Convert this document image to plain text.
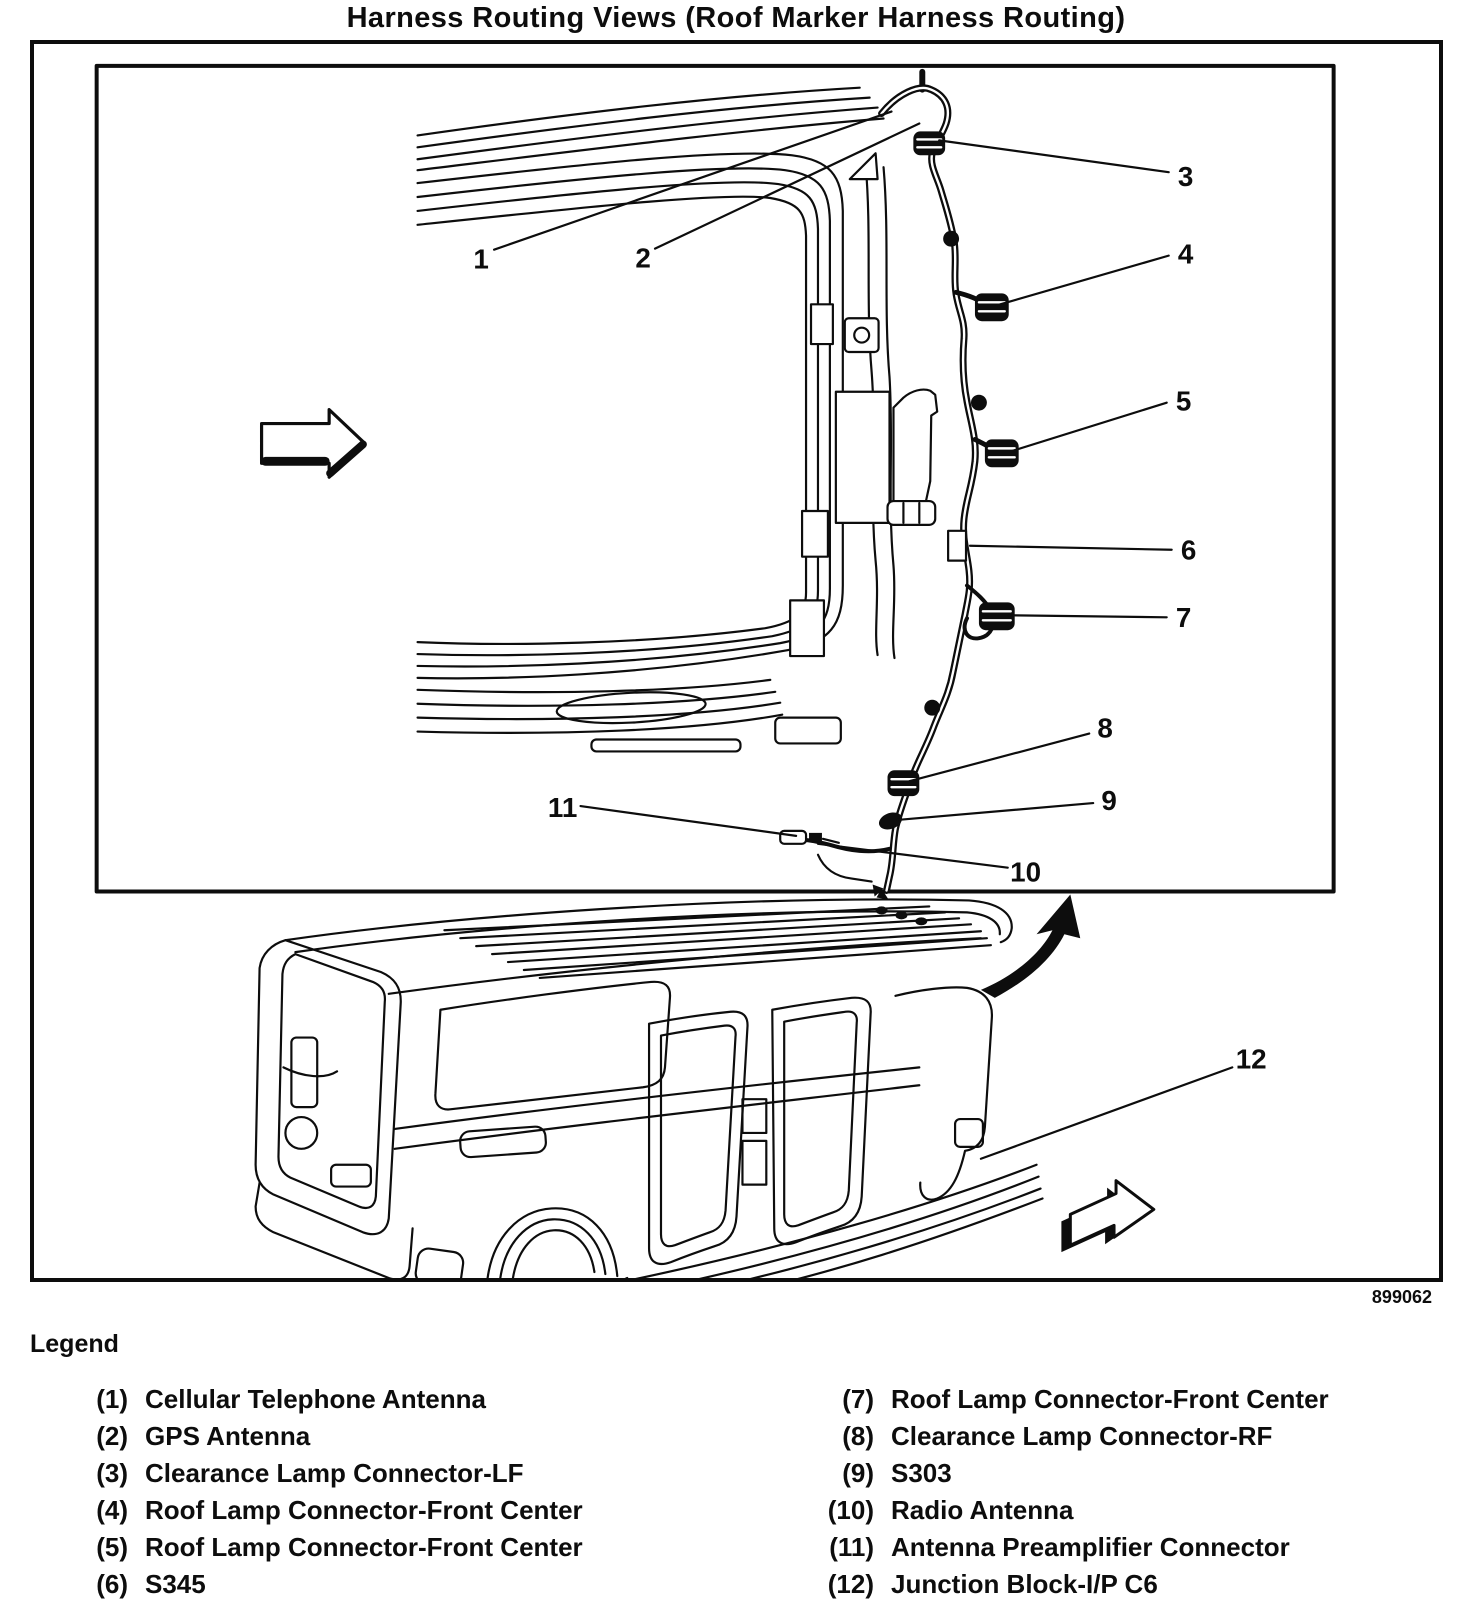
Harness Routing Views (Roof Marker Harness Routing)
1	2
3
4
5
6
7
8
9
10
11
12
899062
Legend
(1) Cellular Telephone Antenna
(2) GPS Antenna
(3) Clearance Lamp Connector-LF
(4) Roof Lamp Connector-Front Center
(5) Roof Lamp Connector-Front Center
(6) S345
(7) Roof Lamp Connector-Front Center
(8) Clearance Lamp Connector-RF
(9) S303
(10) Radio Antenna
(11) Antenna Preamplifier Connector
(12) Junction Block-I/P C6
